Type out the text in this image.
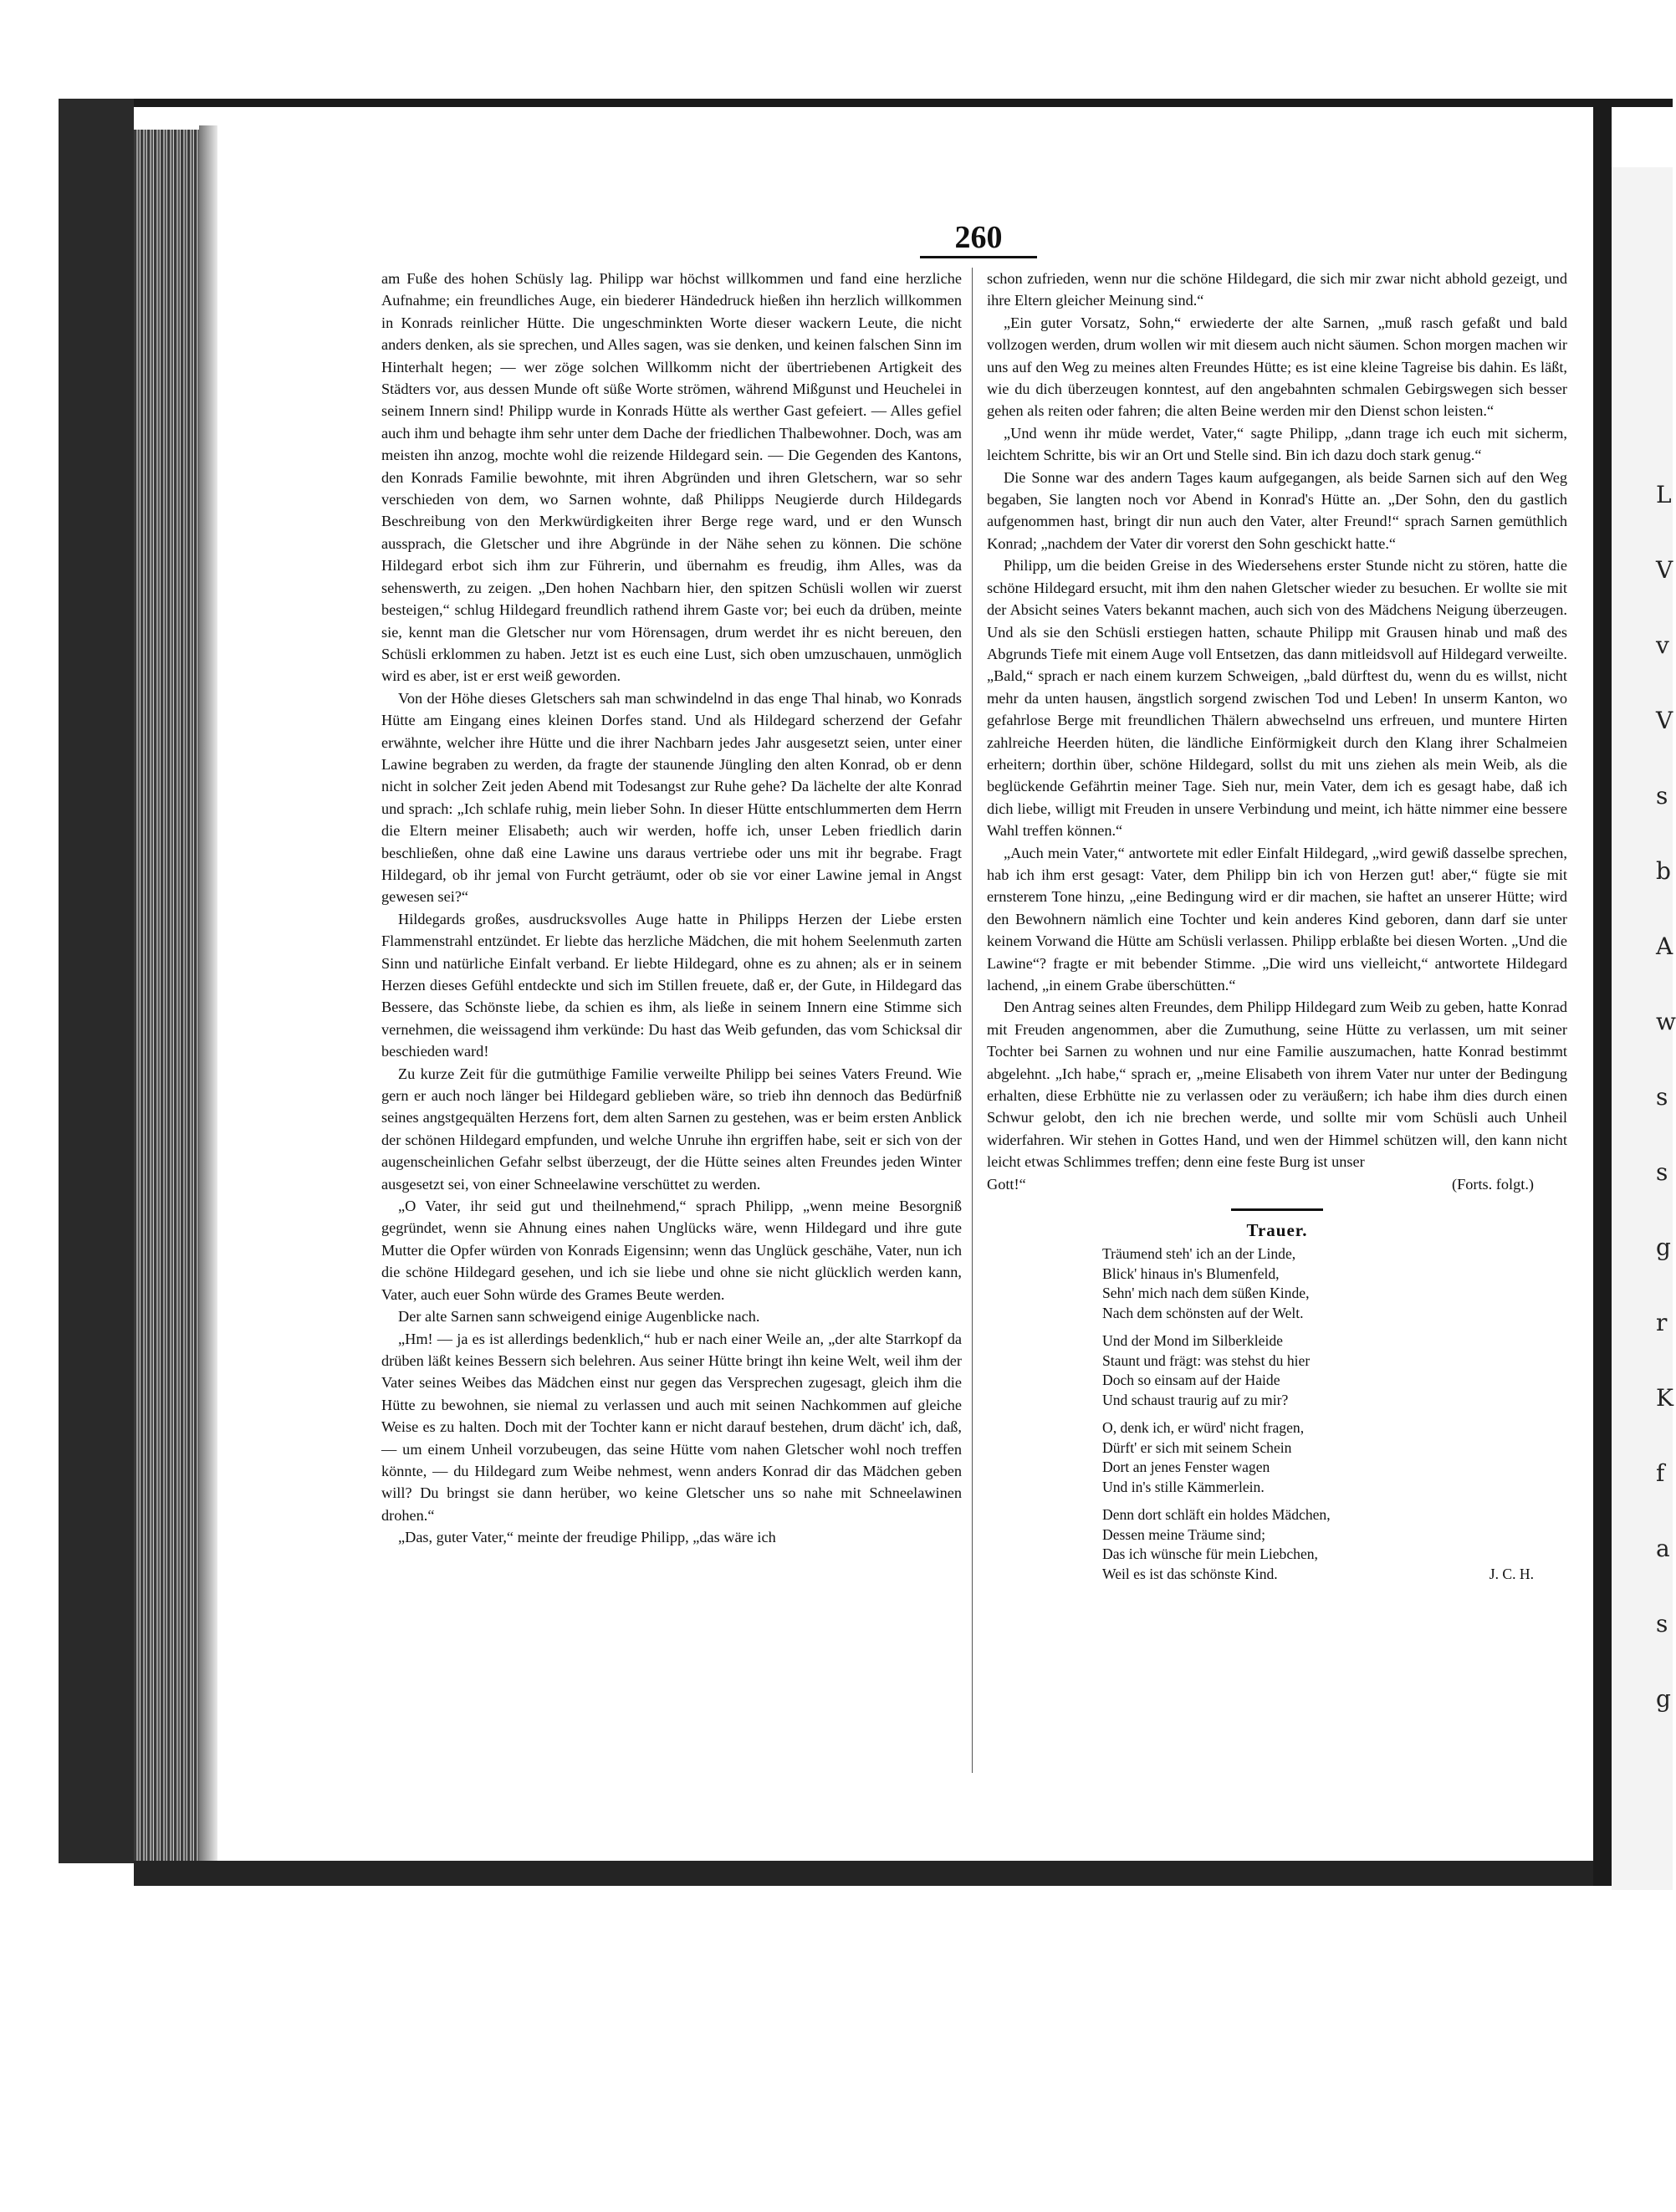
L
V
v
V
s
b
A
w
s
s
g
r
K
f
a
s
g
260

am Fuße des hohen Schüsly lag. Philipp war höchst willkommen und fand eine herzliche Aufnahme; ein freundliches Auge, ein biederer Händedruck hießen ihn herzlich willkommen in Konrads reinlicher Hütte. Die ungeschminkten Worte dieser wackern Leute, die nicht anders denken, als sie sprechen, und Alles sagen, was sie denken, und keinen falschen Sinn im Hinterhalt hegen; — wer zöge solchen Willkomm nicht der übertriebenen Artigkeit des Städters vor, aus dessen Munde oft süße Worte strömen, während Mißgunst und Heuchelei in seinem Innern sind! Philipp wurde in Konrads Hütte als werther Gast gefeiert. — Alles gefiel auch ihm und behagte ihm sehr unter dem Dache der friedlichen Thalbewohner. Doch, was am meisten ihn anzog, mochte wohl die reizende Hildegard sein. — Die Gegenden des Kantons, den Konrads Familie bewohnte, mit ihren Abgründen und ihren Gletschern, war so sehr verschieden von dem, wo Sarnen wohnte, daß Philipps Neugierde durch Hildegards Beschreibung von den Merkwürdigkeiten ihrer Berge rege ward, und er den Wunsch aussprach, die Gletscher und ihre Abgründe in der Nähe sehen zu können. Die schöne Hildegard erbot sich ihm zur Führerin, und übernahm es freudig, ihm Alles, was da sehenswerth, zu zeigen. „Den hohen Nachbarn hier, den spitzen Schüsli wollen wir zuerst besteigen,“ schlug Hildegard freundlich rathend ihrem Gaste vor; bei euch da drüben, meinte sie, kennt man die Gletscher nur vom Hörensagen, drum werdet ihr es nicht bereuen, den Schüsli erklommen zu haben. Jetzt ist es euch eine Lust, sich oben umzuschauen, unmöglich wird es aber, ist er erst weiß geworden.

Von der Höhe dieses Gletschers sah man schwindelnd in das enge Thal hinab, wo Konrads Hütte am Eingang eines kleinen Dorfes stand. Und als Hildegard scherzend der Gefahr erwähnte, welcher ihre Hütte und die ihrer Nachbarn jedes Jahr ausgesetzt seien, unter einer Lawine begraben zu werden, da fragte der staunende Jüngling den alten Konrad, ob er denn nicht in solcher Zeit jeden Abend mit Todesangst zur Ruhe gehe? Da lächelte der alte Konrad und sprach: „Ich schlafe ruhig, mein lieber Sohn. In dieser Hütte entschlummerten dem Herrn die Eltern meiner Elisabeth; auch wir werden, hoffe ich, unser Leben friedlich darin beschließen, ohne daß eine Lawine uns daraus vertriebe oder uns mit ihr begrabe. Fragt Hildegard, ob ihr jemal von Furcht geträumt, oder ob sie vor einer Lawine jemal in Angst gewesen sei?“

Hildegards großes, ausdrucksvolles Auge hatte in Philipps Herzen der Liebe ersten Flammenstrahl entzündet. Er liebte das herzliche Mädchen, die mit hohem Seelenmuth zarten Sinn und natürliche Einfalt verband. Er liebte Hildegard, ohne es zu ahnen; als er in seinem Herzen dieses Gefühl entdeckte und sich im Stillen freuete, daß er, der Gute, in Hildegard das Bessere, das Schönste liebe, da schien es ihm, als ließe in seinem Innern eine Stimme sich vernehmen, die weissagend ihm verkünde: Du hast das Weib gefunden, das vom Schicksal dir beschieden ward!

Zu kurze Zeit für die gutmüthige Familie verweilte Philipp bei seines Vaters Freund. Wie gern er auch noch länger bei Hildegard geblieben wäre, so trieb ihn dennoch das Bedürfniß seines angstgequälten Herzens fort, dem alten Sarnen zu gestehen, was er beim ersten Anblick der schönen Hildegard empfunden, und welche Unruhe ihn ergriffen habe, seit er sich von der augenscheinlichen Gefahr selbst überzeugt, der die Hütte seines alten Freundes jeden Winter ausgesetzt sei, von einer Schneelawine verschüttet zu werden.

„O Vater, ihr seid gut und theilnehmend,“ sprach Philipp, „wenn meine Besorgniß gegründet, wenn sie Ahnung eines nahen Unglücks wäre, wenn Hildegard und ihre gute Mutter die Opfer würden von Konrads Eigensinn; wenn das Unglück geschähe, Vater, nun ich die schöne Hildegard gesehen, und ich sie liebe und ohne sie nicht glücklich werden kann, Vater, auch euer Sohn würde des Grames Beute werden.

Der alte Sarnen sann schweigend einige Augenblicke nach.

„Hm! — ja es ist allerdings bedenklich,“ hub er nach einer Weile an, „der alte Starrkopf da drüben läßt keines Bessern sich belehren. Aus seiner Hütte bringt ihn keine Welt, weil ihm der Vater seines Weibes das Mädchen einst nur gegen das Versprechen zugesagt, gleich ihm die Hütte zu bewohnen, sie niemal zu verlassen und auch mit seinen Nachkommen auf gleiche Weise es zu halten. Doch mit der Tochter kann er nicht darauf bestehen, drum dächt' ich, daß, — um einem Unheil vorzubeugen, das seine Hütte vom nahen Gletscher wohl noch treffen könnte, — du Hildegard zum Weibe nehmest, wenn anders Konrad dir das Mädchen geben will? Du bringst sie dann herüber, wo keine Gletscher uns so nahe mit Schneelawinen drohen.“

„Das, guter Vater,“ meinte der freudige Philipp, „das wäre ich

schon zufrieden, wenn nur die schöne Hildegard, die sich mir zwar nicht abhold gezeigt, und ihre Eltern gleicher Meinung sind.“

„Ein guter Vorsatz, Sohn,“ erwiederte der alte Sarnen, „muß rasch gefaßt und bald vollzogen werden, drum wollen wir mit diesem auch nicht säumen. Schon morgen machen wir uns auf den Weg zu meines alten Freundes Hütte; es ist eine kleine Tagreise bis dahin. Es läßt, wie du dich überzeugen konntest, auf den angebahnten schmalen Gebirgswegen sich besser gehen als reiten oder fahren; die alten Beine werden mir den Dienst schon leisten.“

„Und wenn ihr müde werdet, Vater,“ sagte Philipp, „dann trage ich euch mit sicherm, leichtem Schritte, bis wir an Ort und Stelle sind. Bin ich dazu doch stark genug.“

Die Sonne war des andern Tages kaum aufgegangen, als beide Sarnen sich auf den Weg begaben, Sie langten noch vor Abend in Konrad's Hütte an. „Der Sohn, den du gastlich aufgenommen hast, bringt dir nun auch den Vater, alter Freund!“ sprach Sarnen gemüthlich Konrad; „nachdem der Vater dir vorerst den Sohn geschickt hatte.“

Philipp, um die beiden Greise in des Wiedersehens erster Stunde nicht zu stören, hatte die schöne Hildegard ersucht, mit ihm den nahen Gletscher wieder zu besuchen. Er wollte sie mit der Absicht seines Vaters bekannt machen, auch sich von des Mädchens Neigung überzeugen. Und als sie den Schüsli erstiegen hatten, schaute Philipp mit Grausen hinab und maß des Abgrunds Tiefe mit einem Auge voll Entsetzen, das dann mitleidsvoll auf Hildegard verweilte. „Bald,“ sprach er nach einem kurzem Schweigen, „bald dürftest du, wenn du es willst, nicht mehr da unten hausen, ängstlich sorgend zwischen Tod und Leben! In unserm Kanton, wo gefahrlose Berge mit freundlichen Thälern abwechselnd uns erfreuen, und muntere Hirten zahlreiche Heerden hüten, die ländliche Einförmigkeit durch den Klang ihrer Schalmeien erheitern; dorthin über, schöne Hildegard, sollst du mit uns ziehen als mein Weib, als die beglückende Gefährtin meiner Tage. Sieh nur, mein Vater, dem ich es gesagt habe, daß ich dich liebe, willigt mit Freuden in unsere Verbindung und meint, ich hätte nimmer eine bessere Wahl treffen können.“

„Auch mein Vater,“ antwortete mit edler Einfalt Hildegard, „wird gewiß dasselbe sprechen, hab ich ihm erst gesagt: Vater, dem Philipp bin ich von Herzen gut! aber,“ fügte sie mit ernsterem Tone hinzu, „eine Bedingung wird er dir machen, sie haftet an unserer Hütte; wird den Bewohnern nämlich eine Tochter und kein anderes Kind geboren, dann darf sie unter keinem Vorwand die Hütte am Schüsli verlassen. Philipp erblaßte bei diesen Worten. „Und die Lawine“? fragte er mit bebender Stimme. „Die wird uns vielleicht,“ antwortete Hildegard lachend, „in einem Grabe überschütten.“

Den Antrag seines alten Freundes, dem Philipp Hildegard zum Weib zu geben, hatte Konrad mit Freuden angenommen, aber die Zumuthung, seine Hütte zu verlassen, um mit seiner Tochter bei Sarnen zu wohnen und nur eine Familie auszumachen, hatte Konrad bestimmt abgelehnt. „Ich habe,“ sprach er, „meine Elisabeth von ihrem Vater nur unter der Bedingung erhalten, diese Erbhütte nie zu verlassen oder zu veräußern; ich habe ihm dies durch einen Schwur gelobt, den ich nie brechen werde, und sollte mir vom Schüsli auch Unheil widerfahren. Wir stehen in Gottes Hand, und wen der Himmel schützen will, den kann nicht leicht etwas Schlimmes treffen; denn eine feste Burg ist unser

Gott!“	(Forts. folgt.)
Trauer.
Träumend steh' ich an der Linde,
Blick' hinaus in's Blumenfeld,
Sehn' mich nach dem süßen Kinde,
Nach dem schönsten auf der Welt.
Und der Mond im Silberkleide
Staunt und frägt: was stehst du hier
Doch so einsam auf der Haide
Und schaust traurig auf zu mir?
O, denk ich, er würd' nicht fragen,
Dürft' er sich mit seinem Schein
Dort an jenes Fenster wagen
Und in's stille Kämmerlein.
Denn dort schläft ein holdes Mädchen,
Dessen meine Träume sind;
Das ich wünsche für mein Liebchen,
Weil es ist das schönste Kind.	J. C. H.
